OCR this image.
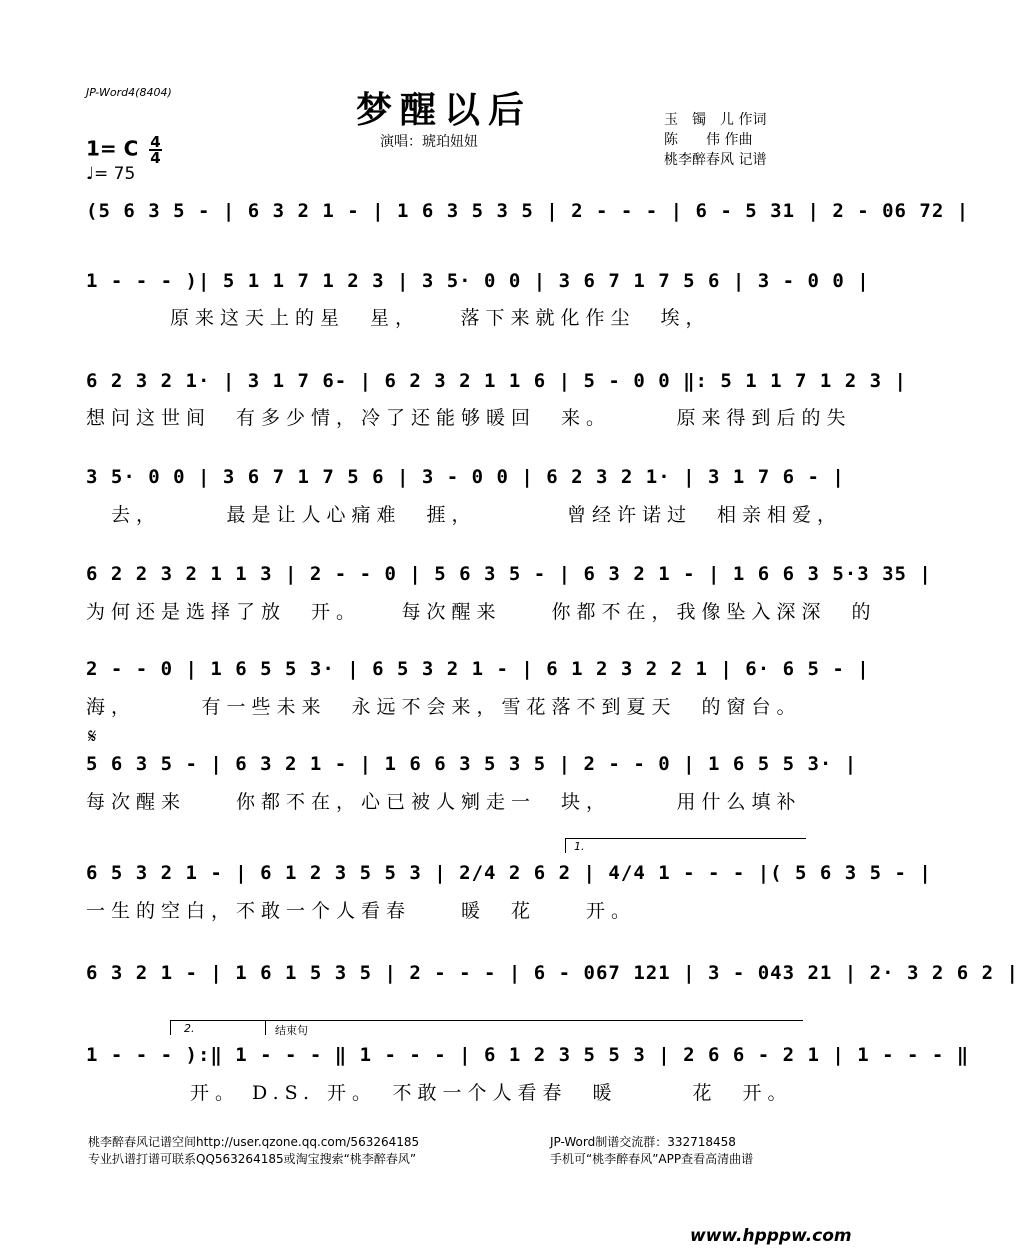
JP-Word4(8404)	梦醒以后
演唱：琥珀妞妞
玉　镯　儿 作词
陈　　伟 作曲
桃李醉春风 记谱
1= C $\frac{4}{4}$
♩= 75
(5 6 3 5 - | 6 3 2 1 - | 1 6 3 5 3 5 | 2 - - - | 6 - 5 31 | 2 - 06 72 |
1 - - - )| 5 1 1 7 1 2 3 | 3 5· 0 0 | 3 6 7 1 7 5 6 | 3 - 0 0 |
原来这天上的星　星，　　落下来就化作尘　埃，
6 2 3 2 1· | 3 1 7 6- | 6 2 3 2 1 1 6 | 5 - 0 0 ‖: 5 1 1 7 1 2 3 |
想问这世间　有多少情，冷了还能够暖回　来。　　　原来得到后的失
3 5· 0 0 | 3 6 7 1 7 5 6 | 3 - 0 0 | 6 2 3 2 1· | 3 1 7 6 - |
　去，　　　最是让人心痛难　捱，　　　　曾经许诺过　相亲相爱，
6 2 2 3 2 1 1 3 | 2 - - 0 | 5 6 3 5 - | 6 3 2 1 - | 1 6 6 3 5·3 35 |
为何还是选择了放　开。　　每次醒来　　你都不在，我像坠入深深　的
2 - - 0 | 1 6 5 5 3· | 6 5 3 2 1 - | 6 1 2 3 2 2 1 | 6· 6 5 - |
海，　　　有一些未来　永远不会来，雪花落不到夏天　的窗台。
𝄋
5 6 3 5 - | 6 3 2 1 - | 1 6 6 3 5 3 5 | 2 - - 0 | 1 6 5 5 3· |
每次醒来　　你都不在，心已被人剜走一　块，　　　用什么填补
1.
6 5 3 2 1 - | 6 1 2 3 5 5 3 | 2/4 2 6 2 | 4/4 1 - - - |( 5 6 3 5 - |
一生的空白，不敢一个人看春　　暖　花　　开。
6 3 2 1 - | 1 6 1 5 3 5 | 2 - - - | 6 - 067 121 | 3 - 043 21 | 2· 3 2 6 2 |
2.	结束句
1 - - - ):‖ 1 - - - ‖ 1 - - - | 6 1 2 3 5 5 3 | 2 6 6 - 2 1 | 1 - - - ‖
开。 D.S. 开。　不敢一个人看春　暖　　　花　开。
桃李醉春风记谱空间http://user.qzone.qq.com/563264185
专业扒谱打谱可联系QQ563264185或淘宝搜索“桃李醉春风”
JP-Word制谱交流群：332718458
手机可“桃李醉春风”APP查看高清曲谱
www.hpppw.com
